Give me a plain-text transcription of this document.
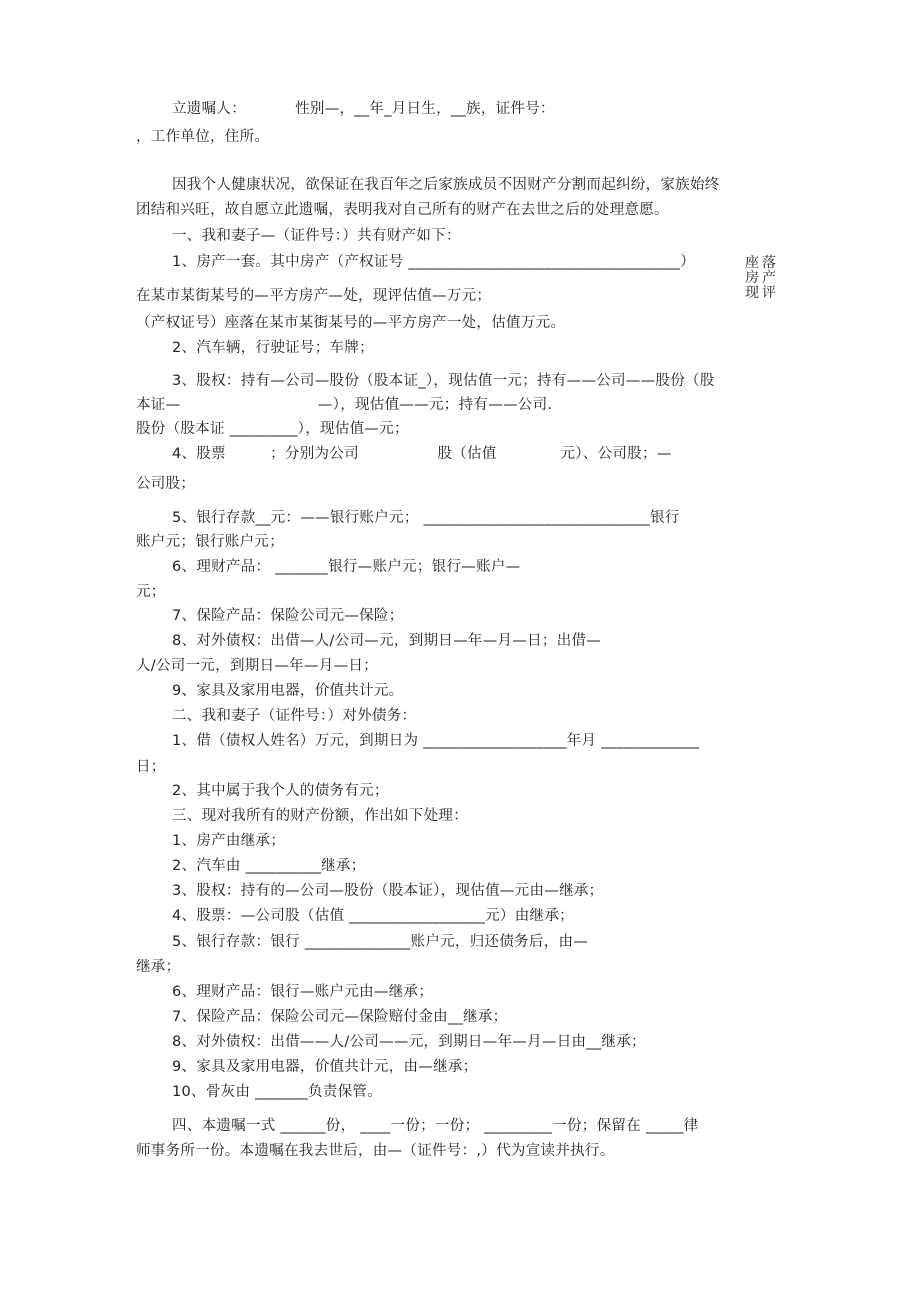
立遗嘱人：          性别—，__年_月日生，__族，证件号：
，工作单位，住所。
因我个人健康状况，欲保证在我百年之后家族成员不因财产分割而起纠纷，家族始终
团结和兴旺，故自愿立此遗嘱，表明我对自己所有的财产在去世之后的处理意愿。
一、我和妻子—（证件号：）共有财产如下：
1、房产一套。其中房产（产权证号 ____________________________________）
在某市某街某号的—平方房产—处，现评估值—万元；
（产权证号）座落在某市某街某号的—平方房产一处，估值万元。
2、汽车辆，行驶证号；车牌；
3、股权：持有—公司—股份（股本证_），现估值一元；持有——公司——股份（股
本证—                            —），现估值——元；持有——公司.
股份（股本证 _________），现估值—元；
4、股票         ；分别为公司                股（估值             元）、公司股；—
公司股；
5、银行存款__元：——银行账户元； ______________________________银行
账户元；银行账户元；
6、理财产品： _______银行—账户元；银行—账户—
元；
7、保险产品：保险公司元—保险；
8、对外债权：出借—人/公司—元，到期日—年—月—日；出借—
人/公司一元，到期日—年—月—日；
9、家具及家用电器，价值共计元。
二、我和妻子（证件号：）对外债务：
1、借（债权人姓名）万元，到期日为 ___________________年月 _____________
日；
2、其中属于我个人的债务有元；
三、现对我所有的财产份额，作出如下处理：
1、房产由继承；
2、汽车由 __________继承；
3、股权：持有的—公司—股份（股本证），现估值—元由—继承；
4、股票：—公司股（估值 __________________元）由继承；
5、银行存款：银行 ______________账户元，归还债务后，由—
继承；
6、理财产品：银行—账户元由—继承；
7、保险产品：保险公司元—保险赔付金由__继承；
8、对外债权：出借——人/公司——元，到期日—年—月—日由__继承；
9、家具及家用电器，价值共计元，由—继承；
10、骨灰由 _______负责保管。
四、本遗嘱一式 ______份， ____一份；一份； _________一份；保留在 _____律
师事务所一份。本遗嘱在我去世后，由—（证件号：,）代为宣读并执行。
座落
房产
现评
